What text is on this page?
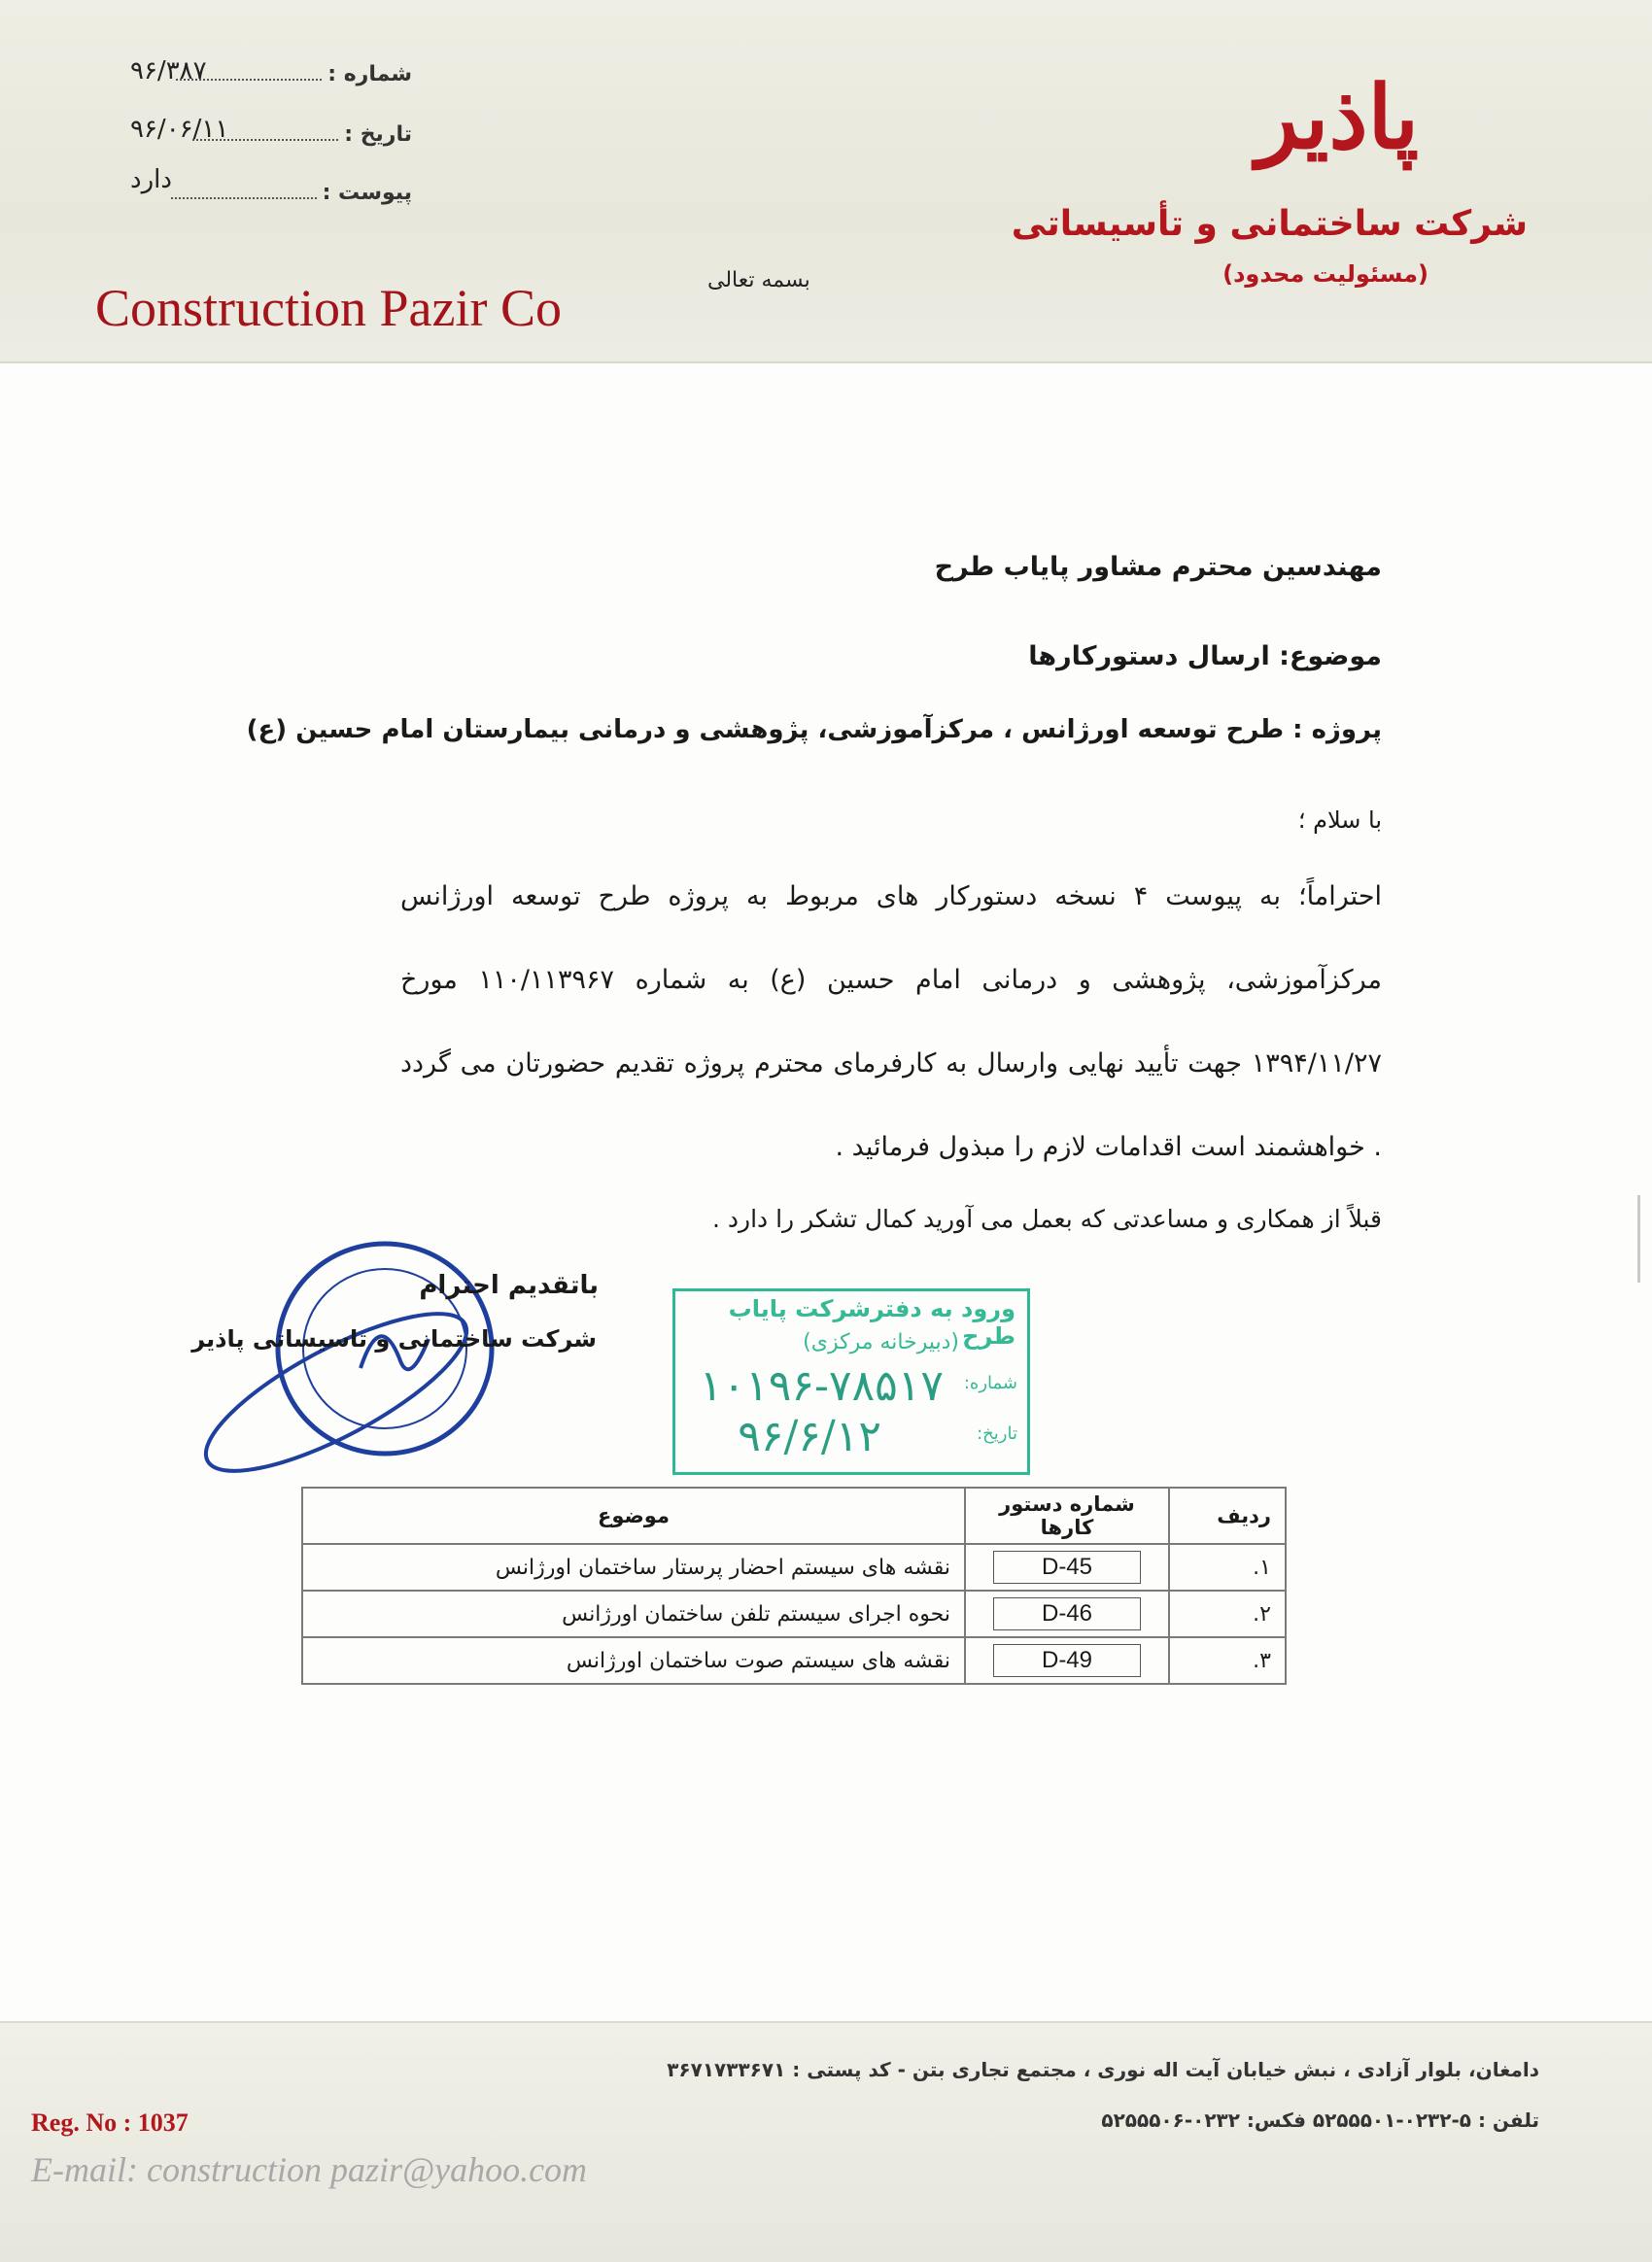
پاذیر
شرکت ساختمانی و تأسیساتی
(مسئولیت محدود)
Construction Pazir Co	بسمه تعالی
شماره :
۹۶/۳۸۷
تاریخ :
۹۶/۰۶/۱۱
پیوست :
دارد
مهندسین محترم مشاور پایاب طرح
موضوع: ارسال دستورکارها
پروژه : طرح توسعه اورژانس ، مرکزآموزشی، پژوهشی و درمانی بیمارستان امام حسین (ع)
با سلام ؛
احتراماً؛ به پیوست ۴ نسخه دستورکار های مربوط به پروژه طرح توسعه اورژانس مرکزآموزشی، پژوهشی و درمانی امام حسین (ع) به شماره ۱۱۰/۱۱۳۹۶۷ مورخ ۱۳۹۴/۱۱/۲۷ جهت تأیید نهایی وارسال به کارفرمای محترم پروژه تقدیم حضورتان می گردد . خواهشمند است اقدامات لازم را مبذول فرمائید .
قبلاً از همکاری و مساعدتی که بعمل می آورید کمال تشکر را دارد .
باتقدیم احترام
شرکت ساختمانی و تاسیساتی پاذیر
ورود به دفترشرکت پایاب طرح
(دبیرخانه مرکزی)
شماره:
۱۰۱۹۶-۷۸۵۱۷
تاریخ:
۹۶/۶/۱۲
ردیف	شماره دستور کارها	موضوع
۱.	D-45	نقشه های سیستم احضار پرستار ساختمان اورژانس
۲.	D-46	نحوه اجرای سیستم تلفن ساختمان اورژانس
۳.	D-49	نقشه های سیستم صوت ساختمان اورژانس
دامغان، بلوار آزادی ، نبش خیابان آیت اله نوری ، مجتمع تجاری بتن - کد پستی : ۳۶۷۱۷۳۳۶۷۱
تلفن : ۵-۰۲۳۲-۵۲۵۵۵۰۱ فکس: ۰۲۳۲-۵۲۵۵۵۰۶
Reg. No : 1037
E-mail: construction pazir@yahoo.com
